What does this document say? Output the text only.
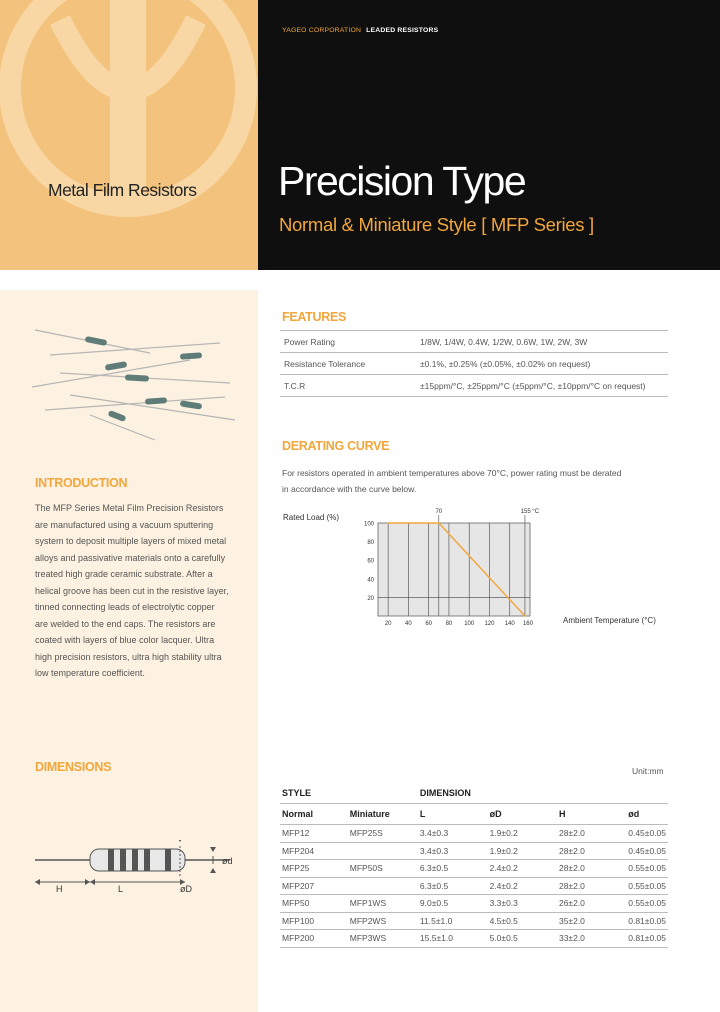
Metal Film Resistors
YAGEO CORPORATION LEADED RESISTORS
Precision Type
Normal & Miniature Style [ MFP Series ]
INTRODUCTION
The MFP Series Metal Film Precision Resistors
are manufactured using a vacuum sputtering
system to deposit multiple layers of mixed metal
alloys and passivative materials onto a carefully
treated high grade ceramic substrate. After a
helical groove has been cut in the resistive layer,
tinned connecting leads of electrolytic copper
are welded to the end caps. The resistors are
coated with layers of blue color lacquer. Ultra
high precision resistors, ultra high stability ultra
low temperature coefficient.
FEATURES
Power Rating	1/8W, 1/4W, 0.4W, 1/2W, 0.6W, 1W, 2W, 3W
Resistance Tolerance	±0.1%, ±0.25% (±0.05%, ±0.02% on request)
T.C.R	±15ppm/°C, ±25ppm/°C (±5ppm/°C, ±10ppm/°C on request)
DERATING CURVE
For resistors operated in ambient temperatures above 70°C, power rating must be derated
in accordance with the curve below.
Rated Load (%)
Ambient Temperature (°C)
100
80
60
40
20
20 40 60 80 100 120 140 160
70	155 °C
DIMENSIONS	Unit:mm
STYLE		DIMENSION			
Normal	Miniature	L	øD	H	ød
MFP12	MFP25S	3.4±0.3	1.9±0.2	28±2.0	0.45±0.05
MFP204		3.4±0.3	1.9±0.2	28±2.0	0.45±0.05
MFP25	MFP50S	6.3±0.5	2.4±0.2	28±2.0	0.55±0.05
MFP207		6.3±0.5	2.4±0.2	28±2.0	0.55±0.05
MFP50	MFP1WS	9.0±0.5	3.3±0.3	26±2.0	0.55±0.05
MFP100	MFP2WS	11.5±1.0	4.5±0.5	35±2.0	0.81±0.05
MFP200	MFP3WS	15.5±1.0	5.0±0.5	33±2.0	0.81±0.05
H	L	øD
ød
